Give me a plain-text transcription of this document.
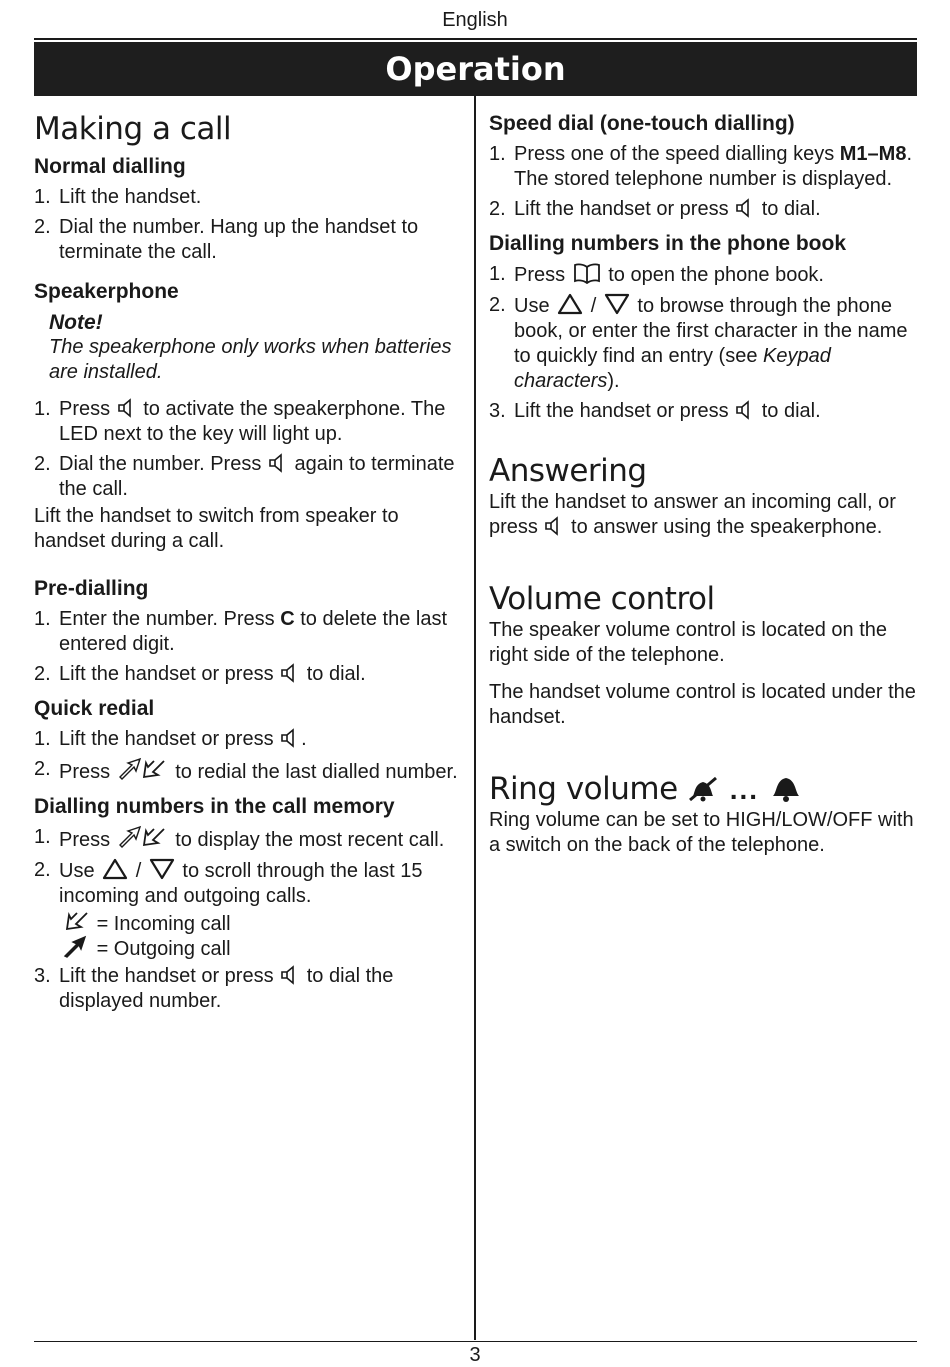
English
Operation
Making a call
Normal dialling
1. Lift the handset.
2. Dial the number. Hang up the handset to terminate the call.
Speakerphone
Note!
The speakerphone only works when batteries are installed.
1. Press to activate the speakerphone. The LED next to the key will light up.
2. Dial the number. Press again to terminate the call.

Lift the handset to switch from speaker to handset during a call.

Pre-dialling
1. Enter the number. Press C to delete the last entered digit.
2. Lift the handset or press to dial.
Quick redial
1. Lift the handset or press .
2. Press	to redial the last dialled number.
Dialling numbers in the call memory
1. Press	to display the most recent call.
2. Use / to scroll through the last 15 incoming and outgoing calls.
= Incoming call
= Outgoing call
3. Lift the handset or press to dial the displayed number.
Speed dial (one-touch dialling)
1. Press one of the speed dialling keys M1–M8. The stored telephone number is displayed.
2. Lift the handset or press to dial.
Dialling numbers in the phone book
1. Press to open the phone book.
2. Use / to browse through the phone book, or enter the first character in the name to quickly find an entry (see Keypad characters).
3. Lift the handset or press to dial.
Answering

Lift the handset to answer an incoming call, or press to answer using the speakerphone.

Volume control

The speaker volume control is located on the right side of the telephone.

The handset volume control is located under the handset.

Ring volume ...

Ring volume can be set to HIGH/LOW/OFF with a switch on the back of the telephone.

3
